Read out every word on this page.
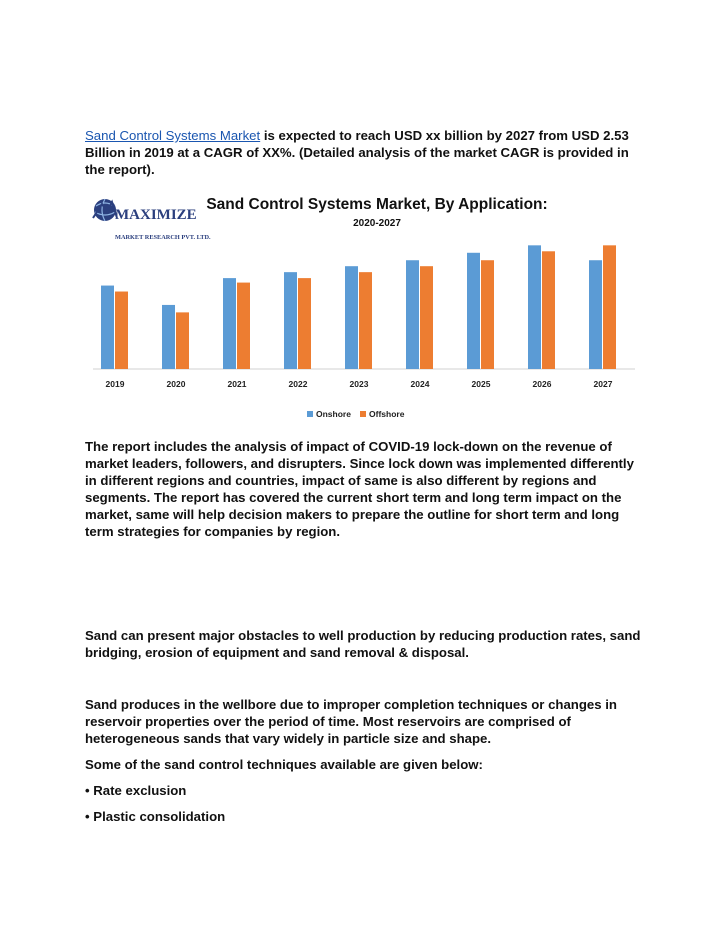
Sand Control Systems Market is expected to reach USD xx billion by 2027 from USD 2.53 Billion in 2019 at a CAGR of XX%. (Detailed analysis of the market CAGR is provided in the report).

MAXIMIZE
MARKET RESEARCH PVT. LTD.
Sand Control Systems Market, By Application:
2020-2027
2019	2020	2021	2022	2023	2024	2025	2026	2027
Onshore Offshore

The report includes the analysis of impact of COVID-19 lock-down on the revenue of market leaders, followers, and disrupters. Since lock down was implemented differently in different regions and countries, impact of same is also different by regions and segments. The report has covered the current short term and long term impact on the market, same will help decision makers to prepare the outline for short term and long term strategies for companies by region.

Sand can present major obstacles to well production by reducing production rates, sand bridging, erosion of equipment and sand removal & disposal.

Sand produces in the wellbore due to improper completion techniques or changes in reservoir properties over the period of time. Most reservoirs are comprised of heterogeneous sands that vary widely in particle size and shape.

Some of the sand control techniques available are given below:

• Rate exclusion

• Plastic consolidation
